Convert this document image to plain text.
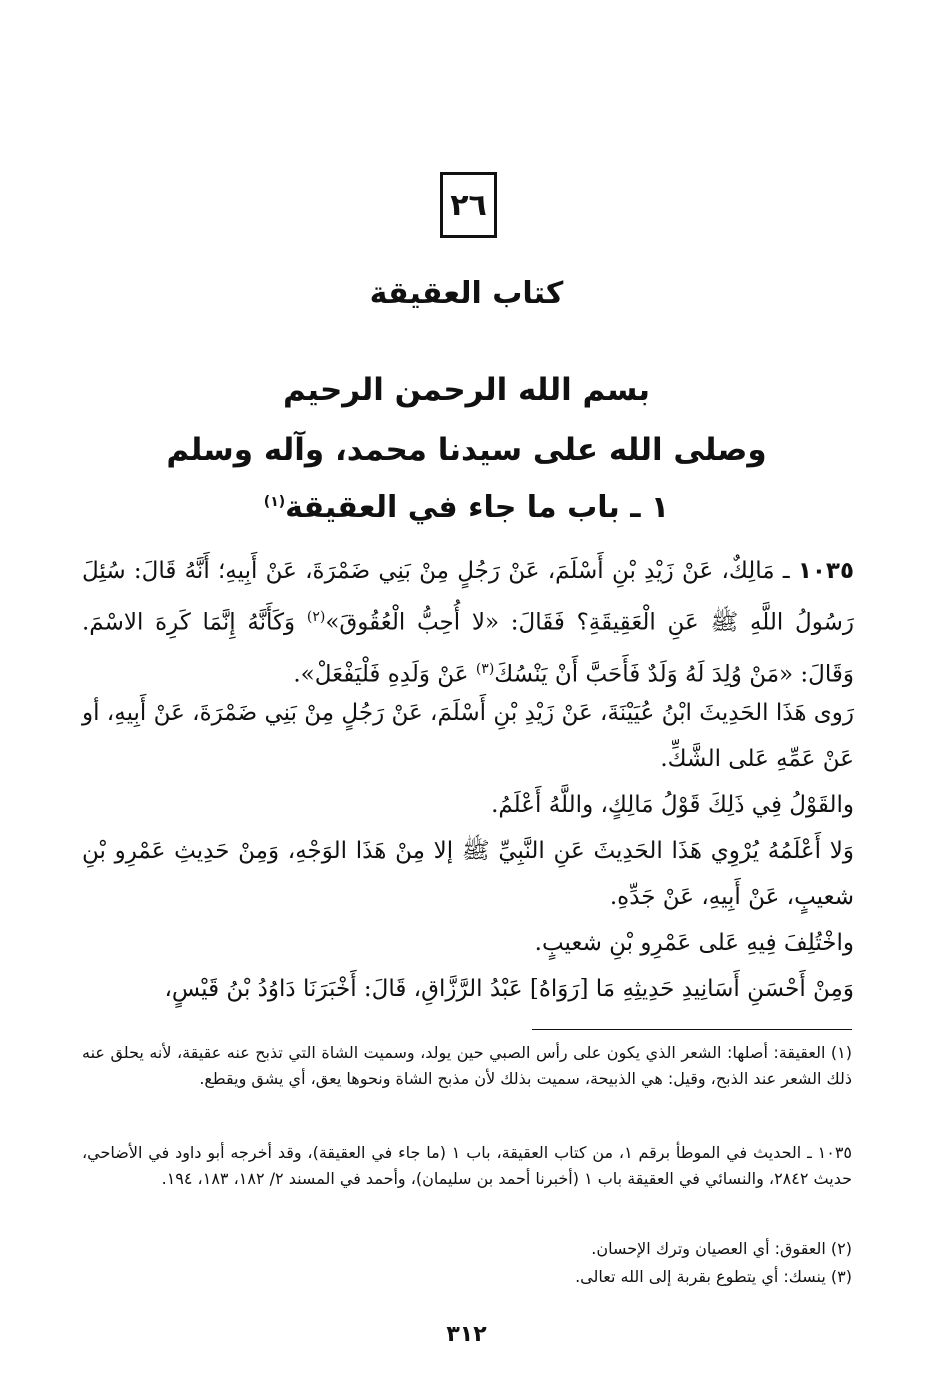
٢٦
كتاب العقيقة
بسم الله الرحمن الرحيم
وصلى الله على سيدنا محمد، وآله وسلم
١ ـ باب ما جاء في العقيقة$^{(١)}$
١٠٣٥ ـ مَالِكٌ، عَنْ زَيْدِ بْنِ أَسْلَمَ، عَنْ رَجُلٍ مِنْ بَنِي ضَمْرَةَ، عَنْ أَبِيهِ؛ أَنَّهُ قَالَ: سُئِلَ رَسُولُ اللَّهِ ﷺ عَنِ الْعَقِيقَةِ؟ فَقَالَ: «لا أُحِبُّ الْعُقُوقَ»$^{(٢)}$ وَكَأَنَّهُ إِنَّمَا كَرِهَ الاسْمَ. وَقَالَ: «مَنْ وُلِدَ لَهُ وَلَدٌ فَأَحَبَّ أَنْ يَنْسُكَ$^{(٣)}$ عَنْ وَلَدِهِ فَلْيَفْعَلْ».
رَوى هَذَا الحَدِيثَ ابْنُ عُيَيْنَةَ، عَنْ زَيْدِ بْنِ أَسْلَمَ، عَنْ رَجُلٍ مِنْ بَنِي ضَمْرَةَ، عَنْ أَبِيهِ، أو عَنْ عَمِّهِ عَلى الشَّكِّ.
والقَوْلُ فِي ذَلِكَ قَوْلُ مَالِكٍ، واللَّهُ أَعْلَمُ.
وَلا أَعْلَمُهُ يُرْوِي هَذَا الحَدِيثَ عَنِ النَّبِيِّ ﷺ إلا مِنْ هَذَا الوَجْهِ، وَمِنْ حَدِيثِ عَمْرِو بْنِ شعيبٍ، عَنْ أَبِيهِ، عَنْ جَدِّهِ.
واخْتُلِفَ فِيهِ عَلى عَمْرِو بْنِ شعيبٍ.
وَمِنْ أَحْسَنِ أَسَانِيدِ حَدِيثِهِ مَا [رَوَاهُ] عَبْدُ الرَّزَّاقِ، قَالَ: أَخْبَرَنَا دَاوُدُ بْنُ قَيْسٍ،
(١) العقيقة: أصلها: الشعر الذي يكون على رأس الصبي حين يولد، وسميت الشاة التي تذبح عنه عقيقة، لأنه يحلق عنه ذلك الشعر عند الذبح، وقيل: هي الذبيحة، سميت بذلك لأن مذبح الشاة ونحوها يعق، أي يشق ويقطع.
١٠٣٥ ـ الحديث في الموطأ برقم ١، من كتاب العقيقة، باب ١ (ما جاء في العقيقة)، وقد أخرجه أبو داود في الأضاحي، حديث ٢٨٤٢، والنسائي في العقيقة باب ١ (أخبرنا أحمد بن سليمان)، وأحمد في المسند ٢/ ١٨٢، ١٨٣، ١٩٤.
(٢) العقوق: أي العصيان وترك الإحسان.
(٣) ينسك: أي يتطوع بقربة إلى الله تعالى.
٣١٢
